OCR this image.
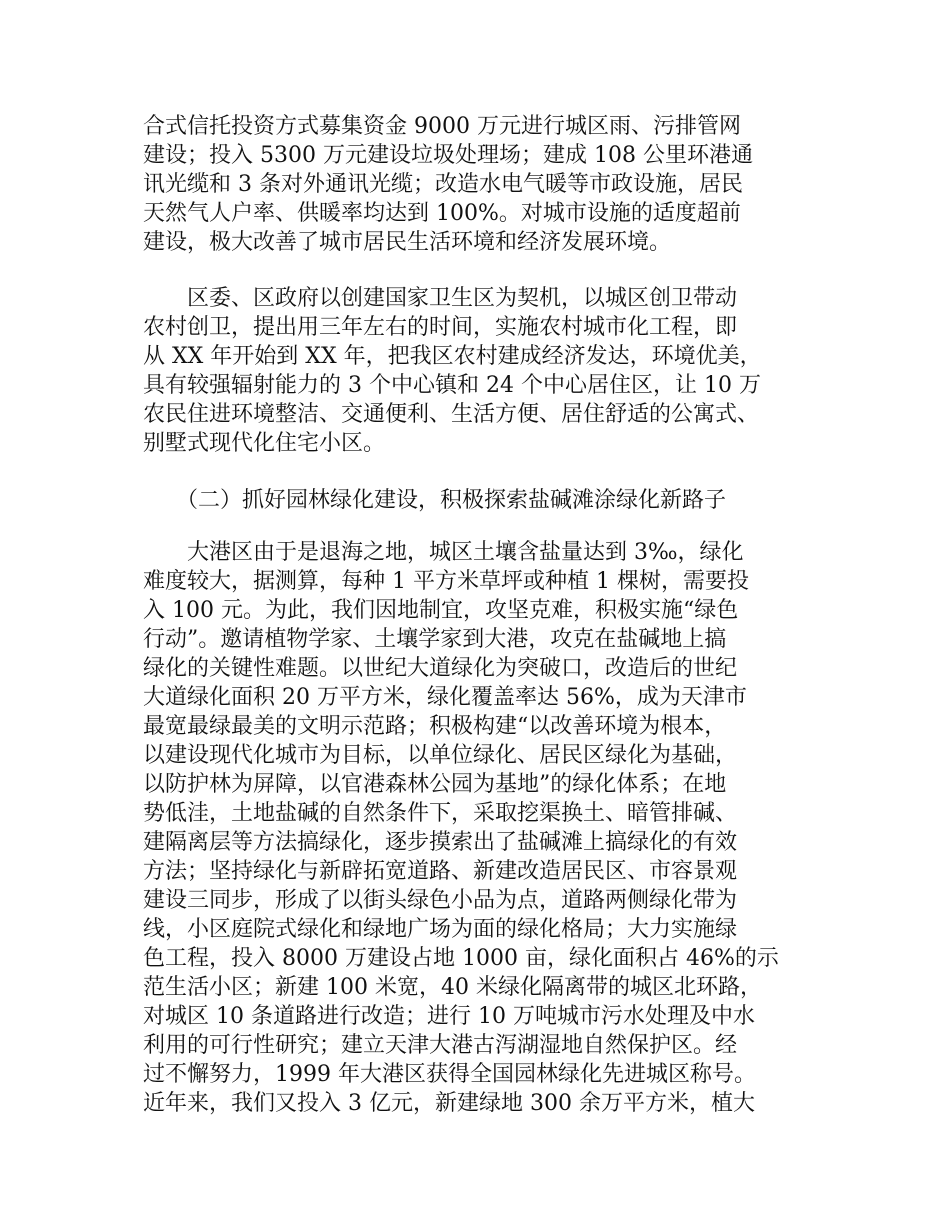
合式信托投资方式募集资金 9000 万元进行城区雨、污排管网
建设；投入 5300 万元建设垃圾处理场；建成 108 公里环港通
讯光缆和 3 条对外通讯光缆；改造水电气暖等市政设施，居民
天然气人户率、供暖率均达到 100%。对城市设施的适度超前
建设，极大改善了城市居民生活环境和经济发展环境。
　　区委、区政府以创建国家卫生区为契机，以城区创卫带动
农村创卫，提出用三年左右的时间，实施农村城市化工程，即
从 XX 年开始到 XX 年，把我区农村建成经济发达，环境优美，
具有较强辐射能力的 3 个中心镇和 24 个中心居住区，让 10 万
农民住进环境整洁、交通便利、生活方便、居住舒适的公寓式、
别墅式现代化住宅小区。
　　（二）抓好园林绿化建设，积极探索盐碱滩涂绿化新路子
　　大港区由于是退海之地，城区土壤含盐量达到 3‰，绿化
难度较大，据测算，每种 1 平方米草坪或种植 1 棵树，需要投
入 100 元。为此，我们因地制宜，攻坚克难，积极实施“绿色
行动”。邀请植物学家、土壤学家到大港，攻克在盐碱地上搞
绿化的关键性难题。以世纪大道绿化为突破口，改造后的世纪
大道绿化面积 20 万平方米，绿化覆盖率达 56%，成为天津市
最宽最绿最美的文明示范路；积极构建“以改善环境为根本，
以建设现代化城市为目标，以单位绿化、居民区绿化为基础，
以防护林为屏障，以官港森林公园为基地”的绿化体系；在地
势低洼，土地盐碱的自然条件下，采取挖渠换土、暗管排碱、
建隔离层等方法搞绿化，逐步摸索出了盐碱滩上搞绿化的有效
方法；坚持绿化与新辟拓宽道路、新建改造居民区、市容景观
建设三同步，形成了以街头绿色小品为点，道路两侧绿化带为
线，小区庭院式绿化和绿地广场为面的绿化格局；大力实施绿
色工程，投入 8000 万建设占地 1000 亩，绿化面积占 46%的示
范生活小区；新建 100 米宽，40 米绿化隔离带的城区北环路，
对城区 10 条道路进行改造；进行 10 万吨城市污水处理及中水
利用的可行性研究；建立天津大港古泻湖湿地自然保护区。经
过不懈努力，1999 年大港区获得全国园林绿化先进城区称号。
近年来，我们又投入 3 亿元，新建绿地 300 余万平方米，植大
